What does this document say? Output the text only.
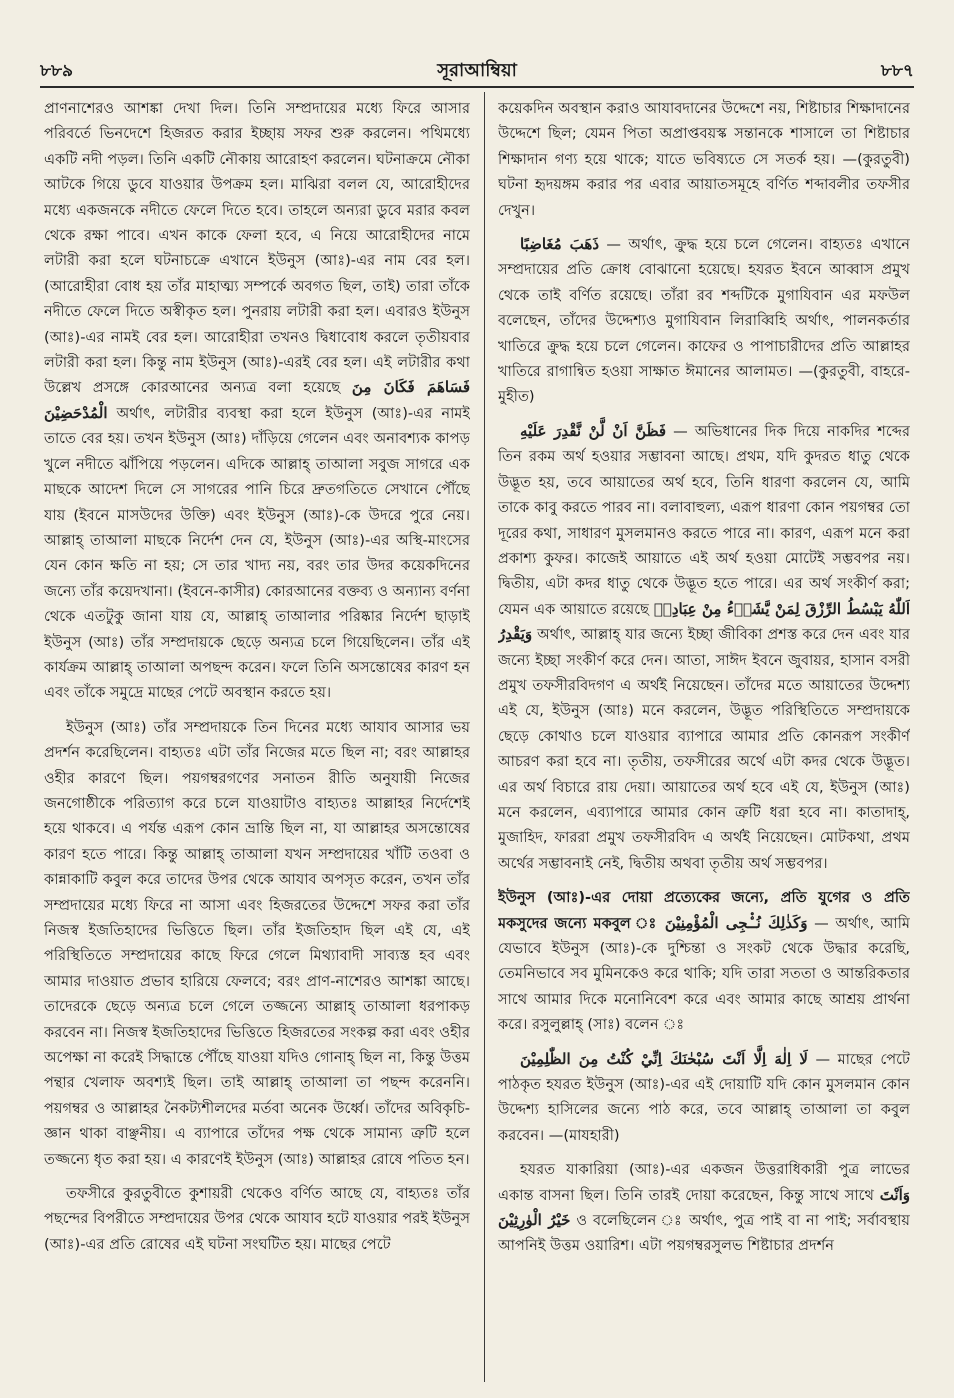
৮৮৯	সূরাআম্বিয়া	৮৮৭

প্রাণনাশেরও আশঙ্কা দেখা দিল। তিনি সম্প্রদায়ের মধ্যে ফিরে আসার পরিবর্তে ভিনদেশে হিজরত করার ইচ্ছায় সফর শুরু করলেন। পথিমধ্যে একটি নদী পড়ল। তিনি একটি নৌকায় আরোহণ করলেন। ঘটনাক্রমে নৌকা আটকে গিয়ে ডুবে যাওয়ার উপক্রম হল। মাঝিরা বলল যে, আরোহীদের মধ্যে একজনকে নদীতে ফেলে দিতে হবে। তাহলে অন্যরা ডুবে মরার কবল থেকে রক্ষা পাবে। এখন কাকে ফেলা হবে, এ নিয়ে আরোহীদের নামে লটারী করা হলে ঘটনাচক্রে এখানে ইউনুস (আঃ)-এর নাম বের হল। (আরোহীরা বোধ হয় তাঁর মাহাত্ম্য সম্পর্কে অবগত ছিল, তাই) তারা তাঁকে নদীতে ফেলে দিতে অস্বীকৃত হল। পুনরায় লটারী করা হল। এবারও ইউনুস (আঃ)-এর নামই বের হল। আরোহীরা তখনও দ্বিধাবোধ করলে তৃতীয়বার লটারী করা হল। কিন্তু নাম ইউনুস (আঃ)-এরই বের হল। এই লটারীর কথা উল্লেখ প্রসঙ্গে কোরআনের অন্যত্র বলা হয়েছে فَسَاهَمَ فَكَانَ مِنَ الْمُدْحَضِيْنَ অর্থাৎ, লটারীর ব্যবস্থা করা হলে ইউনুস (আঃ)-এর নামই তাতে বের হয়। তখন ইউনুস (আঃ) দাঁড়িয়ে গেলেন এবং অনাবশ্যক কাপড় খুলে নদীতে ঝাঁপিয়ে পড়লেন। এদিকে আল্লাহ্ তাআলা সবুজ সাগরে এক মাছকে আদেশ দিলে সে সাগরের পানি চিরে দ্রুতগতিতে সেখানে পৌঁছে যায় (ইবনে মাসউদের উক্তি) এবং ইউনুস (আঃ)-কে উদরে পুরে নেয়। আল্লাহ্ তাআলা মাছকে নির্দেশ দেন যে, ইউনুস (আঃ)-এর অস্থি-মাংসের যেন কোন ক্ষতি না হয়; সে তার খাদ্য নয়, বরং তার উদর কয়েকদিনের জন্যে তাঁর কয়েদখানা। (ইবনে-কাসীর) কোরআনের বক্তব্য ও অন্যান্য বর্ণনা থেকে এতটুকু জানা যায় যে, আল্লাহ্ তাআলার পরিষ্কার নির্দেশ ছাড়াই ইউনুস (আঃ) তাঁর সম্প্রদায়কে ছেড়ে অন্যত্র চলে গিয়েছিলেন। তাঁর এই কার্যক্রম আল্লাহ্ তাআলা অপছন্দ করেন। ফলে তিনি অসন্তোষের কারণ হন এবং তাঁকে সমুদ্রে মাছের পেটে অবস্থান করতে হয়।

ইউনুস (আঃ) তাঁর সম্প্রদায়কে তিন দিনের মধ্যে আযাব আসার ভয় প্রদর্শন করেছিলেন। বাহ্যতঃ এটা তাঁর নিজের মতে ছিল না; বরং আল্লাহর ওহীর কারণে ছিল। পয়গম্বরগণের সনাতন রীতি অনুযায়ী নিজের জনগোষ্ঠীকে পরিত্যাগ করে চলে যাওয়াটাও বাহ্যতঃ আল্লাহর নির্দেশেই হয়ে থাকবে। এ পর্যন্ত এরূপ কোন ভ্রান্তি ছিল না, যা আল্লাহর অসন্তোষের কারণ হতে পারে। কিন্তু আল্লাহ্ তাআলা যখন সম্প্রদায়ের খাঁটি তওবা ও কান্নাকাটি কবুল করে তাদের উপর থেকে আযাব অপসৃত করেন, তখন তাঁর সম্প্রদায়ের মধ্যে ফিরে না আসা এবং হিজরতের উদ্দেশে সফর করা তাঁর নিজস্ব ইজতিহাদের ভিত্তিতে ছিল। তাঁর ইজতিহাদ ছিল এই যে, এই পরিস্থিতিতে সম্প্রদায়ের কাছে ফিরে গেলে মিথ্যাবাদী সাব্যস্ত হব এবং আমার দাওয়াত প্রভাব হারিয়ে ফেলবে; বরং প্রাণ-নাশেরও আশঙ্কা আছে। তাদেরকে ছেড়ে অন্যত্র চলে গেলে তজ্জন্যে আল্লাহ্ তাআলা ধরপাকড় করবেন না। নিজস্ব ইজতিহাদের ভিত্তিতে হিজরতের সংকল্প করা এবং ওহীর অপেক্ষা না করেই সিদ্ধান্তে পৌঁছে যাওয়া যদিও গোনাহ্ ছিল না, কিন্তু উত্তম পন্থার খেলাফ অবশ্যই ছিল। তাই আল্লাহ্ তাআলা তা পছন্দ করেননি। পয়গম্বর ও আল্লাহর নৈকট্যশীলদের মর্তবা অনেক উর্ধ্বে। তাঁদের অবিকৃচি-জ্ঞান থাকা বাঞ্ছনীয়। এ ব্যাপারে তাঁদের পক্ষ থেকে সামান্য ত্রুটি হলে তজ্জন্যে ধৃত করা হয়। এ কারণেই ইউনুস (আঃ) আল্লাহর রোষে পতিত হন।

তফসীরে কুরতুবীতে কুশায়রী থেকেও বর্ণিত আছে যে, বাহ্যতঃ তাঁর পছন্দের বিপরীতে সম্প্রদায়ের উপর থেকে আযাব হটে যাওয়ার পরই ইউনুস (আঃ)-এর প্রতি রোষের এই ঘটনা সংঘটিত হয়। মাছের পেটে

কয়েকদিন অবস্থান করাও আযাবদানের উদ্দেশে নয়, শিষ্টাচার শিক্ষাদানের উদ্দেশে ছিল; যেমন পিতা অপ্রাপ্তবয়স্ক সন্তানকে শাসালে তা শিষ্টাচার শিক্ষাদান গণ্য হয়ে থাকে; যাতে ভবিষ্যতে সে সতর্ক হয়। —(কুরতুবী) ঘটনা হৃদয়ঙ্গম করার পর এবার আয়াতসমূহে বর্ণিত শব্দাবলীর তফসীর দেখুন।

ذَهَبَ مُغَاضِبًا — অর্থাৎ, ক্রুদ্ধ হয়ে চলে গেলেন। বাহ্যতঃ এখানে সম্প্রদায়ের প্রতি ক্রোধ বোঝানো হয়েছে। হযরত ইবনে আব্বাস প্রমুখ থেকে তাই বর্ণিত রয়েছে। তাঁরা রব শব্দটিকে মুগাযিবান এর মফউল বলেছেন, তাঁদের উদ্দেশ্যও মুগাযিবান লিরাব্বিহি অর্থাৎ, পালনকর্তার খাতিরে ক্রুদ্ধ হয়ে চলে গেলেন। কাফের ও পাপাচারীদের প্রতি আল্লাহর খাতিরে রাগান্বিত হওয়া সাক্ষাত ঈমানের আলামত। —(কুরতুবী, বাহরে-মুহীত)

فَظَنَّ اَنْ لَّنْ نَّقْدِرَ عَلَيْهِ — অভিধানের দিক দিয়ে নাকদির শব্দের তিন রকম অর্থ হওয়ার সম্ভাবনা আছে। প্রথম, যদি কুদরত ধাতু থেকে উদ্ভূত হয়, তবে আয়াতের অর্থ হবে, তিনি ধারণা করলেন যে, আমি তাকে কাবু করতে পারব না। বলাবাহুল্য, এরূপ ধারণা কোন পয়গম্বর তো দূরের কথা, সাধারণ মুসলমানও করতে পারে না। কারণ, এরূপ মনে করা প্রকাশ্য কুফর। কাজেই আয়াতে এই অর্থ হওয়া মোটেই সম্ভবপর নয়। দ্বিতীয়, এটা কদর ধাতু থেকে উদ্ভূত হতে পারে। এর অর্থ সংকীর্ণ করা; যেমন এক আয়াতে রয়েছে اَللّٰهُ يَبْسُطُ الرِّزْقَ لِمَنْ يَّشَاۤءُ مِنْ عِبَادِهٖ وَيَقْدِرُ অর্থাৎ, আল্লাহ্ যার জন্যে ইচ্ছা জীবিকা প্রশস্ত করে দেন এবং যার জন্যে ইচ্ছা সংকীর্ণ করে দেন। আতা, সাঈদ ইবনে জুবায়র, হাসান বসরী প্রমুখ তফসীরবিদগণ এ অর্থই নিয়েছেন। তাঁদের মতে আয়াতের উদ্দেশ্য এই যে, ইউনুস (আঃ) মনে করলেন, উদ্ভূত পরিস্থিতিতে সম্প্রদায়কে ছেড়ে কোথাও চলে যাওয়ার ব্যাপারে আমার প্রতি কোনরূপ সংকীর্ণ আচরণ করা হবে না। তৃতীয়, তফসীরের অর্থে এটা কদর থেকে উদ্ভূত। এর অর্থ বিচারে রায় দেয়া। আয়াতের অর্থ হবে এই যে, ইউনুস (আঃ) মনে করলেন, এব্যাপারে আমার কোন ত্রুটি ধরা হবে না। কাতাদাহ্, মুজাহিদ, ফাররা প্রমুখ তফসীরবিদ এ অর্থই নিয়েছেন। মোটকথা, প্রথম অর্থের সম্ভাবনাই নেই, দ্বিতীয় অথবা তৃতীয় অর্থ সম্ভবপর।

ইউনুস (আঃ)-এর দোয়া প্রত্যেকের জন্যে, প্রতি যুগের ও প্রতি মকসুদের জন্যে মকবুল ঃ وَكَذٰلِكَ نُـْۨجِى الْمُؤْمِنِيْنَ — অর্থাৎ, আমি যেভাবে ইউনুস (আঃ)-কে দুশ্চিন্তা ও সংকট থেকে উদ্ধার করেছি, তেমনিভাবে সব মুমিনকেও করে থাকি; যদি তারা সততা ও আন্তরিকতার সাথে আমার দিকে মনোনিবেশ করে এবং আমার কাছে আশ্রয় প্রার্থনা করে। রসুলুল্লাহ্ (সাঃ) বলেন ঃ

لَا اِلٰهَ اِلَّا اَنْتَ سُبْحٰنَكَ اِنِّيْ كُنْتُ مِنَ الظّٰلِمِيْنَ — মাছের পেটে পাঠকৃত হযরত ইউনুস (আঃ)-এর এই দোয়াটি যদি কোন মুসলমান কোন উদ্দেশ্য হাসিলের জন্যে পাঠ করে, তবে আল্লাহ্ তাআলা তা কবুল করবেন। —(মাযহারী)

হযরত যাকারিয়া (আঃ)-এর একজন উত্তরাধিকারী পুত্র লাভের একান্ত বাসনা ছিল। তিনি তারই দোয়া করেছেন, কিন্তু সাথে সাথে وَاَنْتَ خَيْرُ الْوٰرِثِيْنَ ও বলেছিলেন ঃ অর্থাৎ, পুত্র পাই বা না পাই; সর্বাবস্থায় আপনিই উত্তম ওয়ারিশ। এটা পয়গম্বরসুলভ শিষ্টাচার প্রদর্শন
